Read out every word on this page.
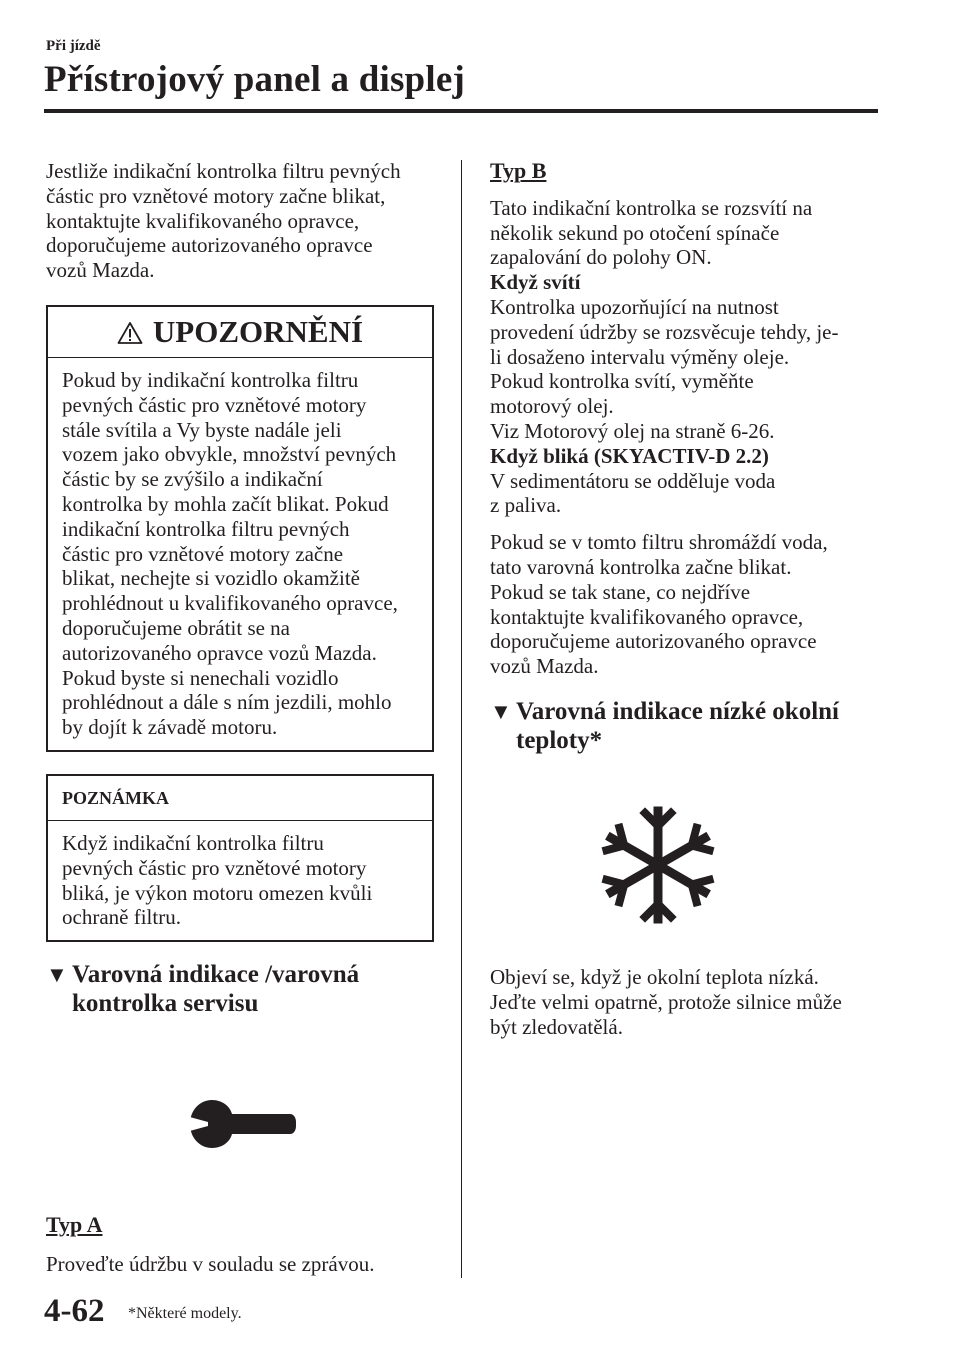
Při jízdě
Přístrojový panel a displej

Jestliže indikační kontrolka filtru pevných
částic pro vznětové motory začne blikat,
kontaktujte kvalifikovaného opravce,
doporučujeme autorizovaného opravce
vozů Mazda.

UPOZORNĚNÍ
Pokud by indikační kontrolka filtru
pevných částic pro vznětové motory
stále svítila a Vy byste nadále jeli
vozem jako obvykle, množství pevných
částic by se zvýšilo a indikační
kontrolka by mohla začít blikat. Pokud
indikační kontrolka filtru pevných
částic pro vznětové motory začne
blikat, nechejte si vozidlo okamžitě
prohlédnout u kvalifikovaného opravce,
doporučujeme obrátit se na
autorizovaného opravce vozů Mazda.
Pokud byste si nenechali vozidlo
prohlédnout a dále s ním jezdili, mohlo
by dojít k závadě motoru.
POZNÁMKA
Když indikační kontrolka filtru
pevných částic pro vznětové motory
bliká, je výkon motoru omezen kvůli
ochraně filtru.
▼ Varovná indikace /varovná kontrolka servisu

Typ A

Proveďte údržbu v souladu se zprávou.

Typ B

Tato indikační kontrolka se rozsvítí na
několik sekund po otočení spínače
zapalování do polohy ON.

Když svítí

Kontrolka upozorňující na nutnost
provedení údržby se rozsvěcuje tehdy, je-
li dosaženo intervalu výměny oleje.
Pokud kontrolka svítí, vyměňte
motorový olej.
Viz Motorový olej na straně 6-26.

Když bliká (SKYACTIV-D 2.2)

V sedimentátoru se odděluje voda
z paliva.

Pokud se v tomto filtru shromáždí voda,
tato varovná kontrolka začne blikat.
Pokud se tak stane, co nejdříve
kontaktujte kvalifikovaného opravce,
doporučujeme autorizovaného opravce
vozů Mazda.

▼ Varovná indikace nízké okolní teploty*

Objeví se, když je okolní teplota nízká.
Jeďte velmi opatrně, protože silnice může
být zledovatělá.

4-62 *Některé modely.
